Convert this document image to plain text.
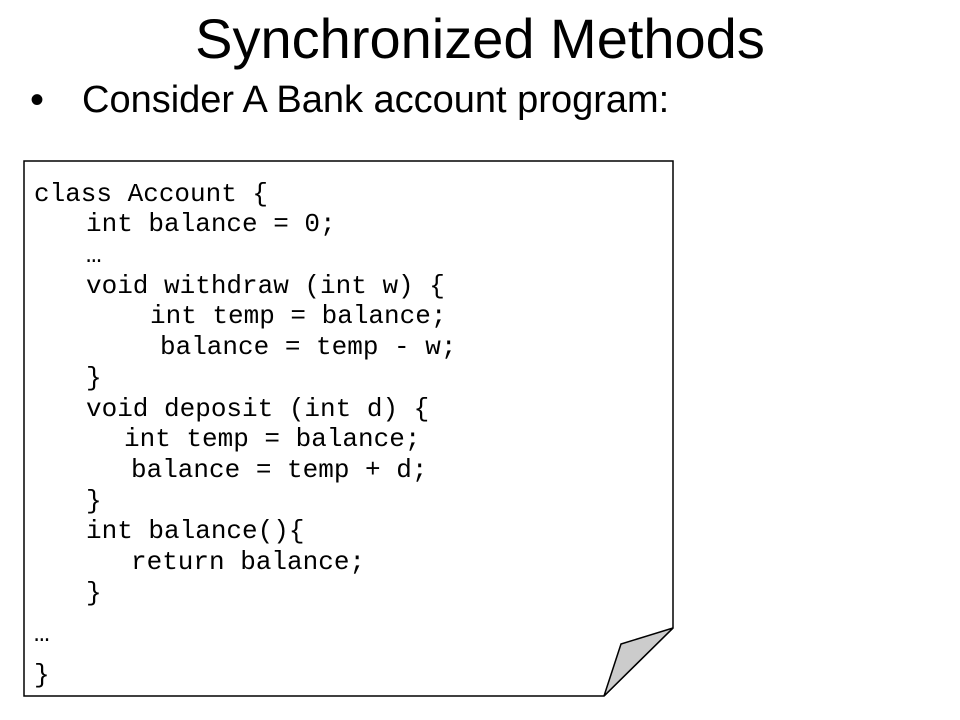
Synchronized Methods
• Consider A Bank account program:
class Account {
int balance = 0;
…
void withdraw (int w) {
int temp = balance;
balance = temp - w;
}
void deposit (int d) {
int temp = balance;
balance = temp + d;
}
int balance(){
return balance;
}
…
}
